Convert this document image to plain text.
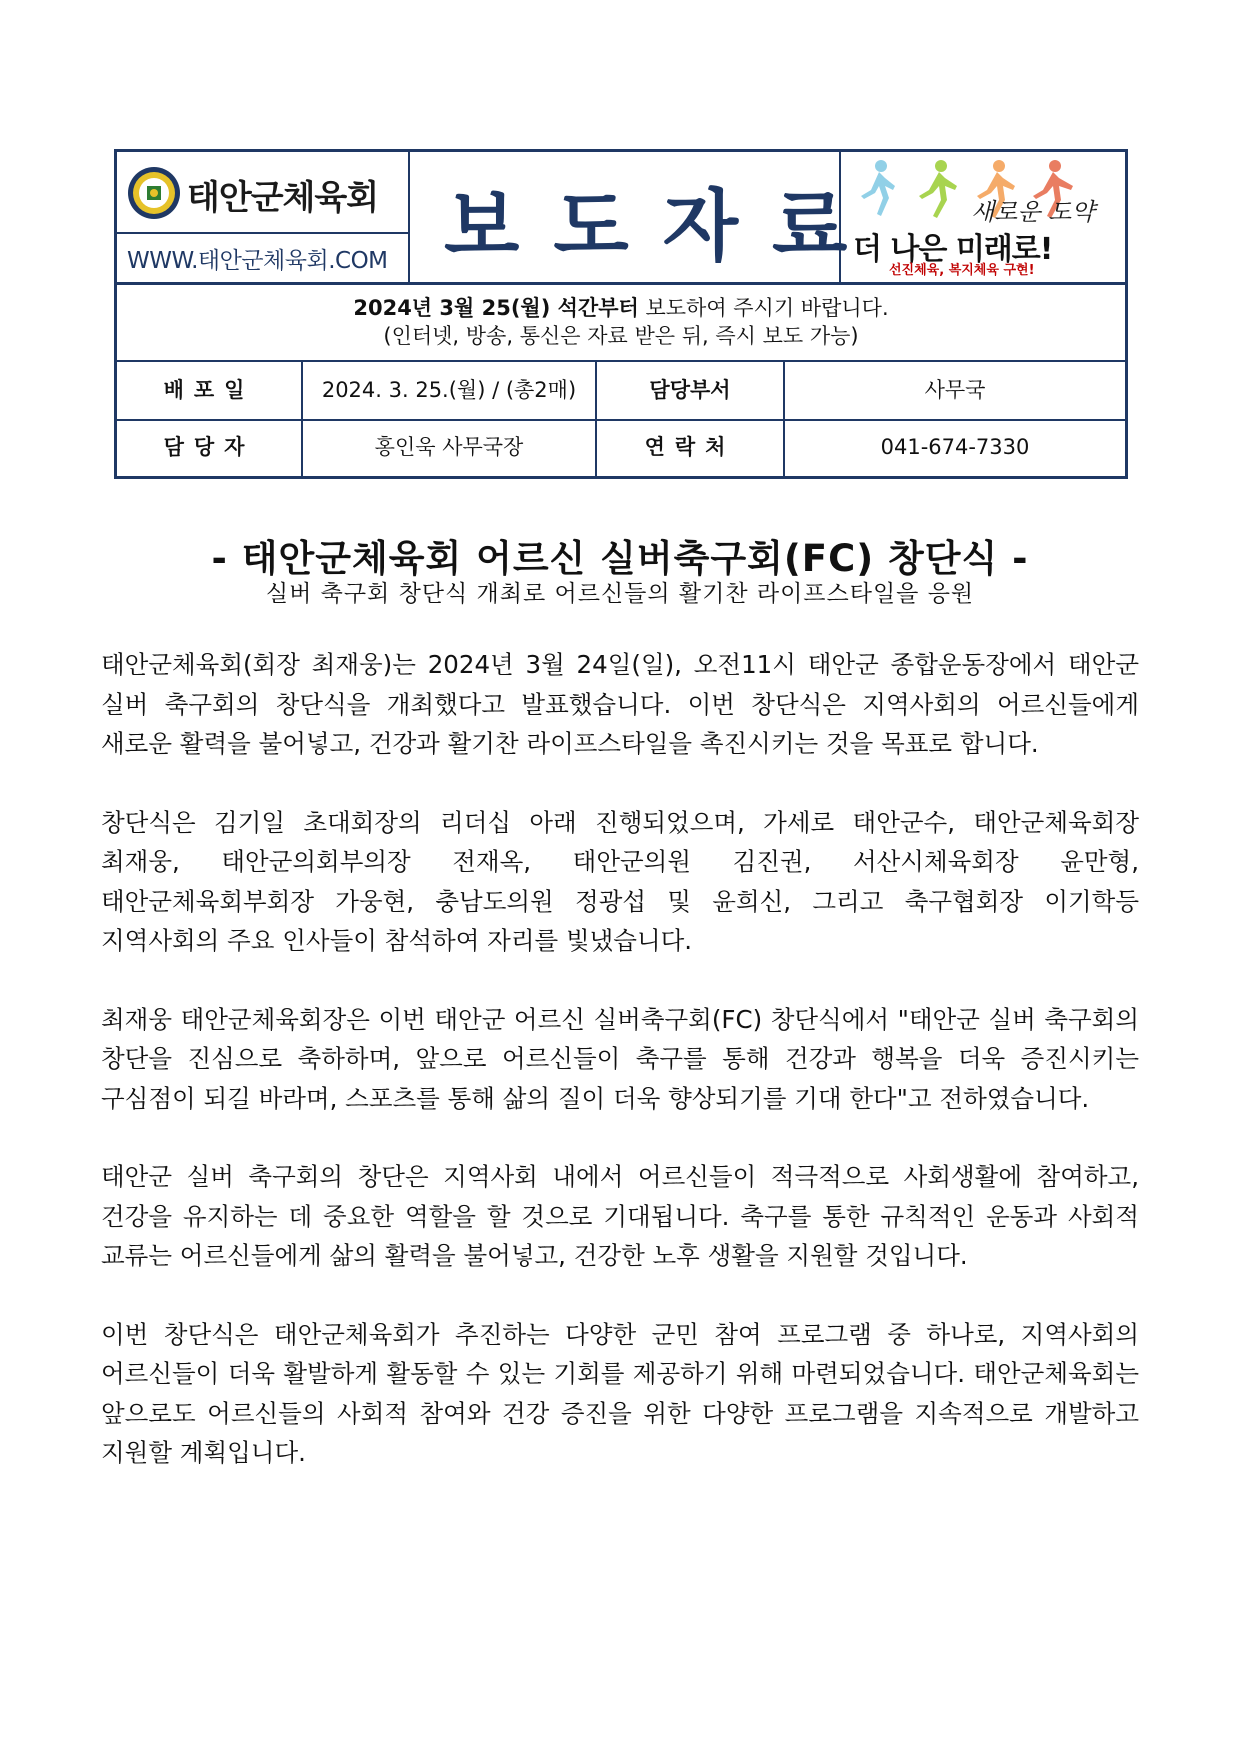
태안군체육회
WWW.태안군체육회.COM 보도자료	새로운 도약
더 나은 미래로!
선진체육, 복지체육 구현!
2024년 3월 25(월) 석간부터 보도하여 주시기 바랍니다.
(인터넷, 방송, 통신은 자료 받은 뒤, 즉시 보도 가능)
배포일	2024. 3. 25.(월) / (총2매)	담당부서	사무국
담당자	홍인욱 사무국장	연락처	041-674-7330
- 태안군체육회 어르신 실버축구회(FC) 창단식 -
실버 축구회 창단식 개최로 어르신들의 활기찬 라이프스타일을 응원

태안군체육회(회장 최재웅)는 2024년 3월 24일(일), 오전11시 태안군 종합운동장에서 태안군 실버 축구회의 창단식을 개최했다고 발표했습니다. 이번 창단식은 지역사회의 어르신들에게 새로운 활력을 불어넣고, 건강과 활기찬 라이프스타일을 촉진시키는 것을 목표로 합니다.

창단식은 김기일 초대회장의 리더십 아래 진행되었으며, 가세로 태안군수, 태안군체육회장 최재웅, 태안군의회부의장 전재옥, 태안군의원 김진권, 서산시체육회장 윤만형, 태안군체육회부회장 가웅현, 충남도의원 정광섭 및 윤희신, 그리고 축구협회장 이기학등 지역사회의 주요 인사들이 참석하여 자리를 빛냈습니다.

최재웅 태안군체육회장은 이번 태안군 어르신 실버축구회(FC) 창단식에서 "태안군 실버 축구회의 창단을 진심으로 축하하며, 앞으로 어르신들이 축구를 통해 건강과 행복을 더욱 증진시키는 구심점이 되길 바라며, 스포츠를 통해 삶의 질이 더욱 향상되기를 기대 한다"고 전하였습니다.

태안군 실버 축구회의 창단은 지역사회 내에서 어르신들이 적극적으로 사회생활에 참여하고, 건강을 유지하는 데 중요한 역할을 할 것으로 기대됩니다. 축구를 통한 규칙적인 운동과 사회적 교류는 어르신들에게 삶의 활력을 불어넣고, 건강한 노후 생활을 지원할 것입니다.

이번 창단식은 태안군체육회가 추진하는 다양한 군민 참여 프로그램 중 하나로, 지역사회의 어르신들이 더욱 활발하게 활동할 수 있는 기회를 제공하기 위해 마련되었습니다. 태안군체육회는 앞으로도 어르신들의 사회적 참여와 건강 증진을 위한 다양한 프로그램을 지속적으로 개발하고 지원할 계획입니다.
